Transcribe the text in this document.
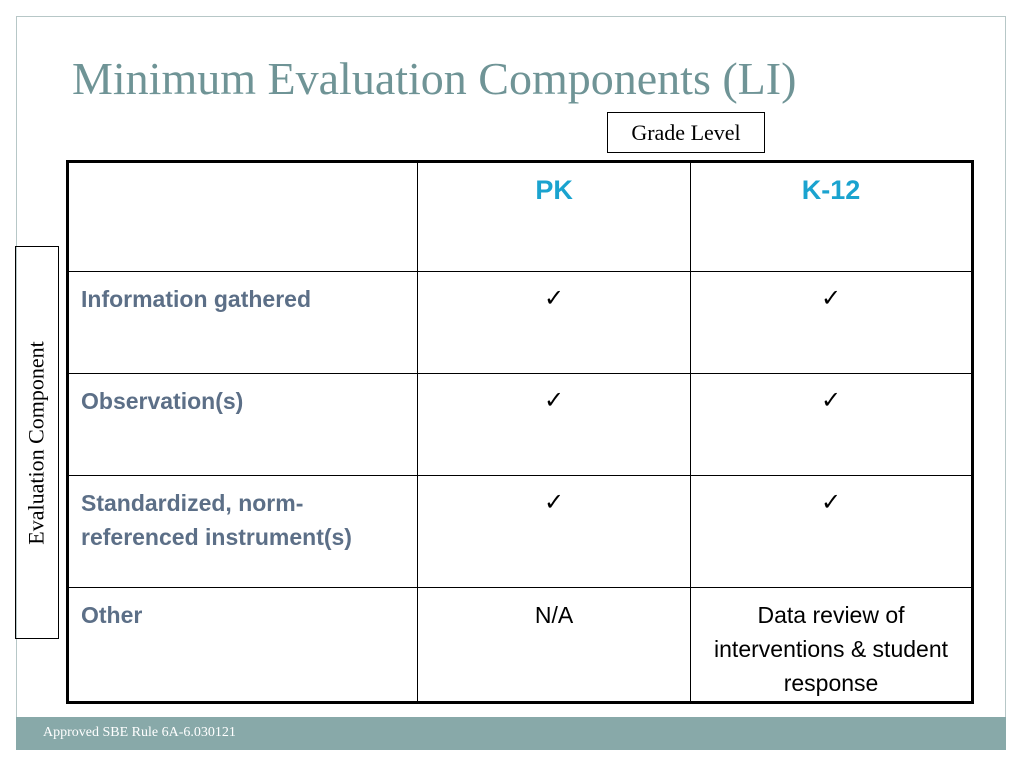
Minimum Evaluation Components (LI)
Grade Level
Evaluation Component
	PK	K-12
Information gathered	✓	✓
Observation(s)	✓	✓
Standardized, norm-referenced instrument(s)	✓	✓
Other	N/A	Data review of interventions & student response
Approved SBE Rule 6A-6.030121
